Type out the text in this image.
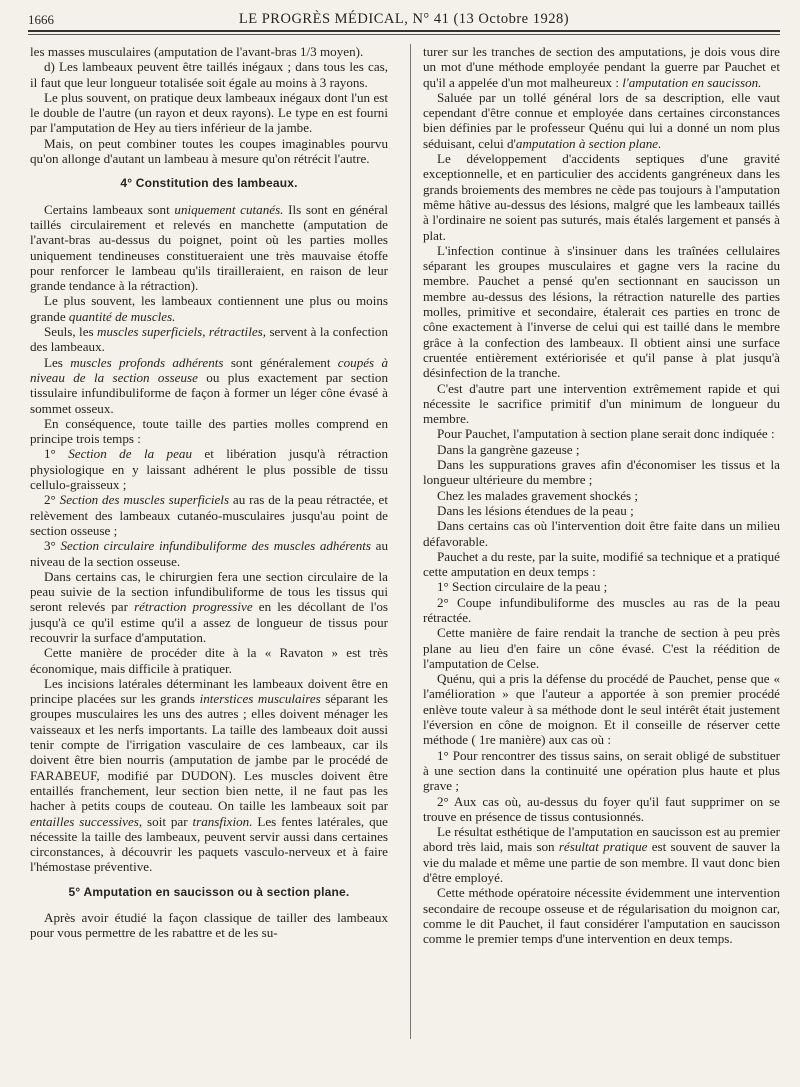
1666	LE PROGRÈS MÉDICAL, N° 41 (13 Octobre 1928)

les masses musculaires (amputation de l'avant-bras 1/3 moyen).

d) Les lambeaux peuvent être taillés inégaux ; dans tous les cas, il faut que leur longueur totalisée soit égale au moins à 3 rayons.

Le plus souvent, on pratique deux lambeaux inégaux dont l'un est le double de l'autre (un rayon et deux rayons). Le type en est fourni par l'amputation de Hey au tiers inférieur de la jambe.

Mais, on peut combiner toutes les coupes imaginables pourvu qu'on allonge d'autant un lambeau à mesure qu'on rétrécit l'autre.

4° Constitution des lambeaux.

Certains lambeaux sont uniquement cutanés. Ils sont en général taillés circulairement et relevés en manchette (amputation de l'avant-bras au-dessus du poignet, point où les parties molles uniquement tendineuses constitueraient une très mauvaise étoffe pour renforcer le lambeau qu'ils tirailleraient, en raison de leur grande tendance à la rétraction).

Le plus souvent, les lambeaux contiennent une plus ou moins grande quantité de muscles.

Seuls, les muscles superficiels, rétractiles, servent à la confection des lambeaux.

Les muscles profonds adhérents sont généralement coupés à niveau de la section osseuse ou plus exactement par section tissulaire infundibuliforme de façon à former un léger cône évasé à sommet osseux.

En conséquence, toute taille des parties molles comprend en principe trois temps :

1° Section de la peau et libération jusqu'à rétraction physiologique en y laissant adhérent le plus possible de tissu cellulo-graisseux ;

2° Section des muscles superficiels au ras de la peau rétractée, et relèvement des lambeaux cutanéo-musculaires jusqu'au point de section osseuse ;

3° Section circulaire infundibuliforme des muscles adhérents au niveau de la section osseuse.

Dans certains cas, le chirurgien fera une section circulaire de la peau suivie de la section infundibuliforme de tous les tissus qui seront relevés par rétraction progressive en les décollant de l'os jusqu'à ce qu'il estime qu'il a assez de longueur de tissus pour recouvrir la surface d'amputation.

Cette manière de procéder dite à la « Ravaton » est très économique, mais difficile à pratiquer.

Les incisions latérales déterminant les lambeaux doivent être en principe placées sur les grands interstices musculaires séparant les groupes musculaires les uns des autres ; elles doivent ménager les vaisseaux et les nerfs importants. La taille des lambeaux doit aussi tenir compte de l'irrigation vasculaire de ces lambeaux, car ils doivent être bien nourris (amputation de jambe par le procédé de FARABEUF, modifié par DUDON). Les muscles doivent être entaillés franchement, leur section bien nette, il ne faut pas les hacher à petits coups de couteau. On taille les lambeaux soit par entailles successives, soit par transfixion. Les fentes latérales, que nécessite la taille des lambeaux, peuvent servir aussi dans certaines circonstances, à découvrir les paquets vasculo-nerveux et à faire l'hémostase préventive.

5° Amputation en saucisson ou à section plane.

Après avoir étudié la façon classique de tailler des lambeaux pour vous permettre de les rabattre et de les su-

turer sur les tranches de section des amputations, je dois vous dire un mot d'une méthode employée pendant la guerre par Pauchet et qu'il a appelée d'un mot malheureux : l'amputation en saucisson.

Saluée par un tollé général lors de sa description, elle vaut cependant d'être connue et employée dans certaines circonstances bien définies par le professeur Quénu qui lui a donné un nom plus séduisant, celui d'amputation à section plane.

Le développement d'accidents septiques d'une gravité exceptionnelle, et en particulier des accidents gangréneux dans les grands broiements des membres ne cède pas toujours à l'amputation même hâtive au-dessus des lésions, malgré que les lambeaux taillés à l'ordinaire ne soient pas suturés, mais étalés largement et pansés à plat.

L'infection continue à s'insinuer dans les traînées cellulaires séparant les groupes musculaires et gagne vers la racine du membre. Pauchet a pensé qu'en sectionnant en saucisson un membre au-dessus des lésions, la rétraction naturelle des parties molles, primitive et secondaire, étalerait ces parties en tronc de cône exactement à l'inverse de celui qui est taillé dans le membre grâce à la confection des lambeaux. Il obtient ainsi une surface cruentée entièrement extériorisée et qu'il panse à plat jusqu'à désinfection de la tranche.

C'est d'autre part une intervention extrêmement rapide et qui nécessite le sacrifice primitif d'un minimum de longueur du membre.

Pour Pauchet, l'amputation à section plane serait donc indiquée :

Dans la gangrène gazeuse ;
Dans les suppurations graves afin d'économiser les tissus et la longueur ultérieure du membre ;
Chez les malades gravement shockés ;
Dans les lésions étendues de la peau ;
Dans certains cas où l'intervention doit être faite dans un milieu défavorable.

Pauchet a du reste, par la suite, modifié sa technique et a pratiqué cette amputation en deux temps :

1° Section circulaire de la peau ;

2° Coupe infundibuliforme des muscles au ras de la peau rétractée.

Cette manière de faire rendait la tranche de section à peu près plane au lieu d'en faire un cône évasé. C'est la réédition de l'amputation de Celse.

Quénu, qui a pris la défense du procédé de Pauchet, pense que « l'amélioration » que l'auteur a apportée à son premier procédé enlève toute valeur à sa méthode dont le seul intérêt était justement l'éversion en cône de moignon. Et il conseille de réserver cette méthode ( 1re manière) aux cas où :

1° Pour rencontrer des tissus sains, on serait obligé de substituer à une section dans la continuité une opération plus haute et plus grave ;

2° Aux cas où, au-dessus du foyer qu'il faut supprimer on se trouve en présence de tissus contusionnés.

Le résultat esthétique de l'amputation en saucisson est au premier abord très laid, mais son résultat pratique est souvent de sauver la vie du malade et même une partie de son membre. Il vaut donc bien d'être employé.

Cette méthode opératoire nécessite évidemment une intervention secondaire de recoupe osseuse et de régularisation du moignon car, comme le dit Pauchet, il faut considérer l'amputation en saucisson comme le premier temps d'une intervention en deux temps.
